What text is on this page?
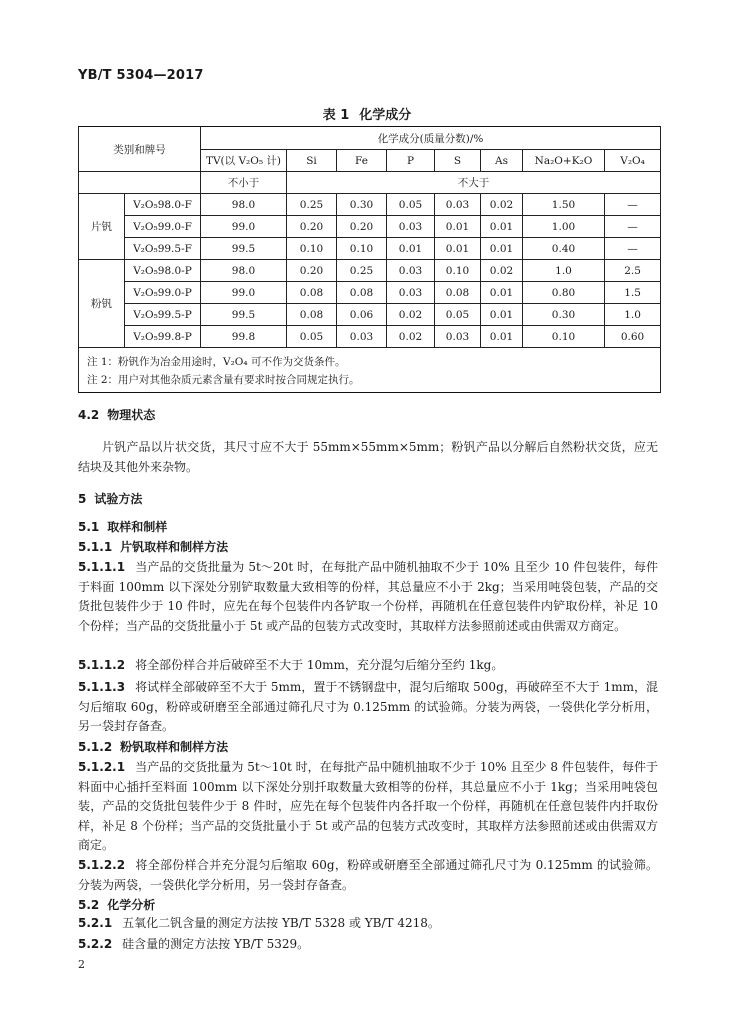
YB/T 5304—2017
表 1 化学成分
类别和牌号		化学成分(质量分数)/%							
		TV(以 V₂O₅ 计)	Si	Fe	P	S	As	Na₂O+K₂O	V₂O₄
		不小于	不大于						
片钒	V₂O₅98.0-F	98.0	0.25	0.30	0.05	0.03	0.02	1.50	—
	V₂O₅99.0-F	99.0	0.20	0.20	0.03	0.01	0.01	1.00	—
	V₂O₅99.5-F	99.5	0.10	0.10	0.01	0.01	0.01	0.40	—
粉钒	V₂O₅98.0-P	98.0	0.20	0.25	0.03	0.10	0.02	1.0	2.5
	V₂O₅99.0-P	99.0	0.08	0.08	0.03	0.08	0.01	0.80	1.5
	V₂O₅99.5-P	99.5	0.08	0.06	0.02	0.05	0.01	0.30	1.0
	V₂O₅99.8-P	99.8	0.05	0.03	0.02	0.03	0.01	0.10	0.60
注 1：粉钒作为冶金用途时，V₂O₄ 可不作为交货条件。									
注 2：用户对其他杂质元素含量有要求时按合同规定执行。									
4.2 物理状态
片钒产品以片状交货，其尺寸应不大于 55mm×55mm×5mm；粉钒产品以分解后自然粉状交货，应无结块及其他外来杂物。
5 试验方法
5.1 取样和制样
5.1.1 片钒取样和制样方法
5.1.1.1 当产品的交货批量为 5t～20t 时，在每批产品中随机抽取不少于 10% 且至少 10 件包装件，每件于料面 100mm 以下深处分别铲取数量大致相等的份样，其总量应不小于 2kg；当采用吨袋包装，产品的交货批包装件少于 10 件时，应先在每个包装件内各铲取一个份样，再随机在任意包装件内铲取份样，补足 10 个份样；当产品的交货批量小于 5t 或产品的包装方式改变时，其取样方法参照前述或由供需双方商定。
5.1.1.2 将全部份样合并后破碎至不大于 10mm，充分混匀后缩分至约 1kg。
5.1.1.3 将试样全部破碎至不大于 5mm，置于不锈钢盘中，混匀后缩取 500g，再破碎至不大于 1mm，混匀后缩取 60g，粉碎或研磨至全部通过筛孔尺寸为 0.125mm 的试验筛。分装为两袋，一袋供化学分析用，另一袋封存备查。
5.1.2 粉钒取样和制样方法
5.1.2.1 当产品的交货批量为 5t～10t 时，在每批产品中随机抽取不少于 10% 且至少 8 件包装件，每件于料面中心插扦至料面 100mm 以下深处分别扦取数量大致相等的份样，其总量应不小于 1kg；当采用吨袋包装，产品的交货批包装件少于 8 件时，应先在每个包装件内各扦取一个份样，再随机在任意包装件内扦取份样，补足 8 个份样；当产品的交货批量小于 5t 或产品的包装方式改变时，其取样方法参照前述或由供需双方商定。
5.1.2.2 将全部份样合并充分混匀后缩取 60g，粉碎或研磨至全部通过筛孔尺寸为 0.125mm 的试验筛。分装为两袋，一袋供化学分析用，另一袋封存备查。
5.2 化学分析
5.2.1 五氧化二钒含量的测定方法按 YB/T 5328 或 YB/T 4218。
5.2.2 硅含量的测定方法按 YB/T 5329。
2
